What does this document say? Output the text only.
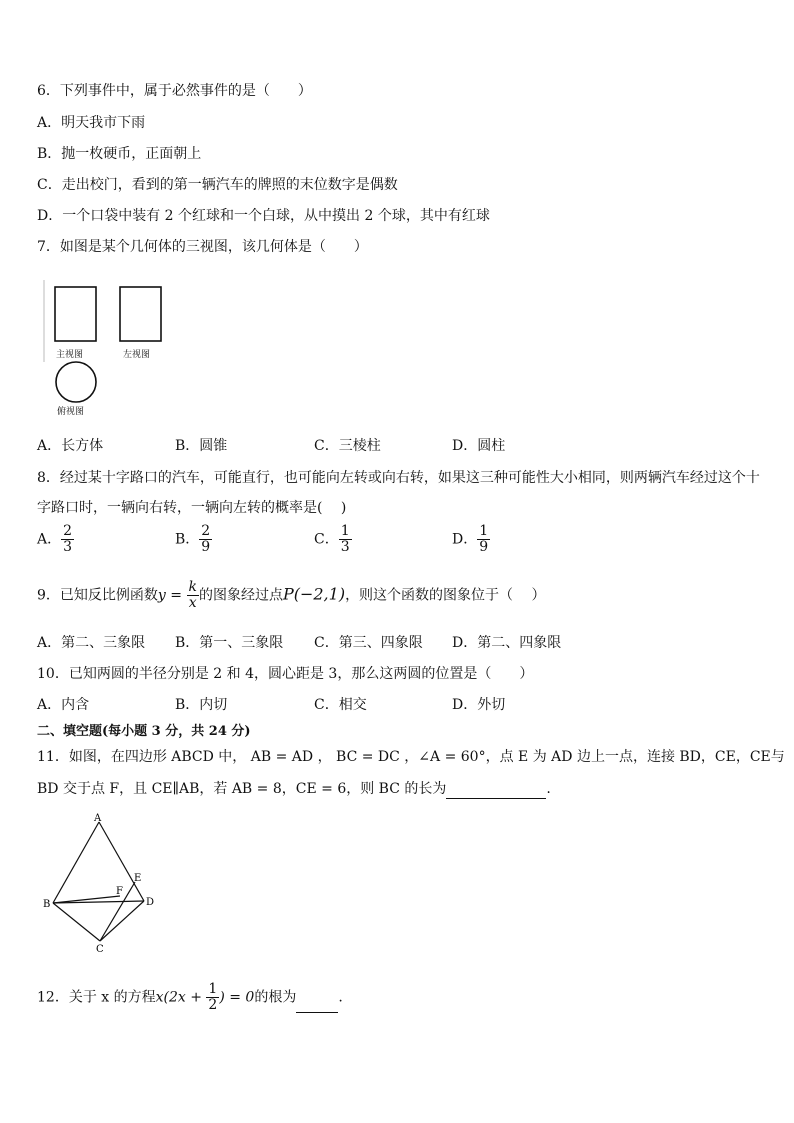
6．下列事件中，属于必然事件的是（　　）
A．明天我市下雨
B．抛一枚硬币，正面朝上
C．走出校门，看到的第一辆汽车的牌照的末位数字是偶数
D．一个口袋中装有 2 个红球和一个白球，从中摸出 2 个球，其中有红球
7．如图是某个几何体的三视图，该几何体是（　　）
主视图	左视图
俯视图
A．长方体	B．圆锥	C．三棱柱	D．圆柱
8．经过某十字路口的汽车，可能直行，也可能向左转或向右转，如果这三种可能性大小相同，则两辆汽车经过这个十
字路口时，一辆向右转，一辆向左转的概率是(　 )
A． $\frac{2}{3}$	B． $\frac{2}{9}$	C． $\frac{1}{3}$	D． $\frac{1}{9}$
9．已知反比例函数$y = \frac{k}{x}$ 的图象经过点P(−2,1)，则这个函数的图象位于（　 ）
A．第二、三象限 B．第一、三象限 C．第三、四象限 D．第二、四象限
10．已知两圆的半径分别是 2 和 4，圆心距是 3，那么这两圆的位置是（　　）
A．内含	B．内切	C．相交	D．外切
二、填空题(每小题 3 分，共 24 分)
11．如图，在四边形 ABCD 中， AB = AD ， BC = DC ，∠A = 60°，点 E 为 AD 边上一点，连接 BD，CE，CE与
BD 交于点 F，且 CE∥AB，若 AB = 8，CE = 6，则 BC 的长为	.
A
B
C
D
E
F
12．关于 x 的方程$x(2x + \frac{1}{2}$ ) = 0的根为	.
